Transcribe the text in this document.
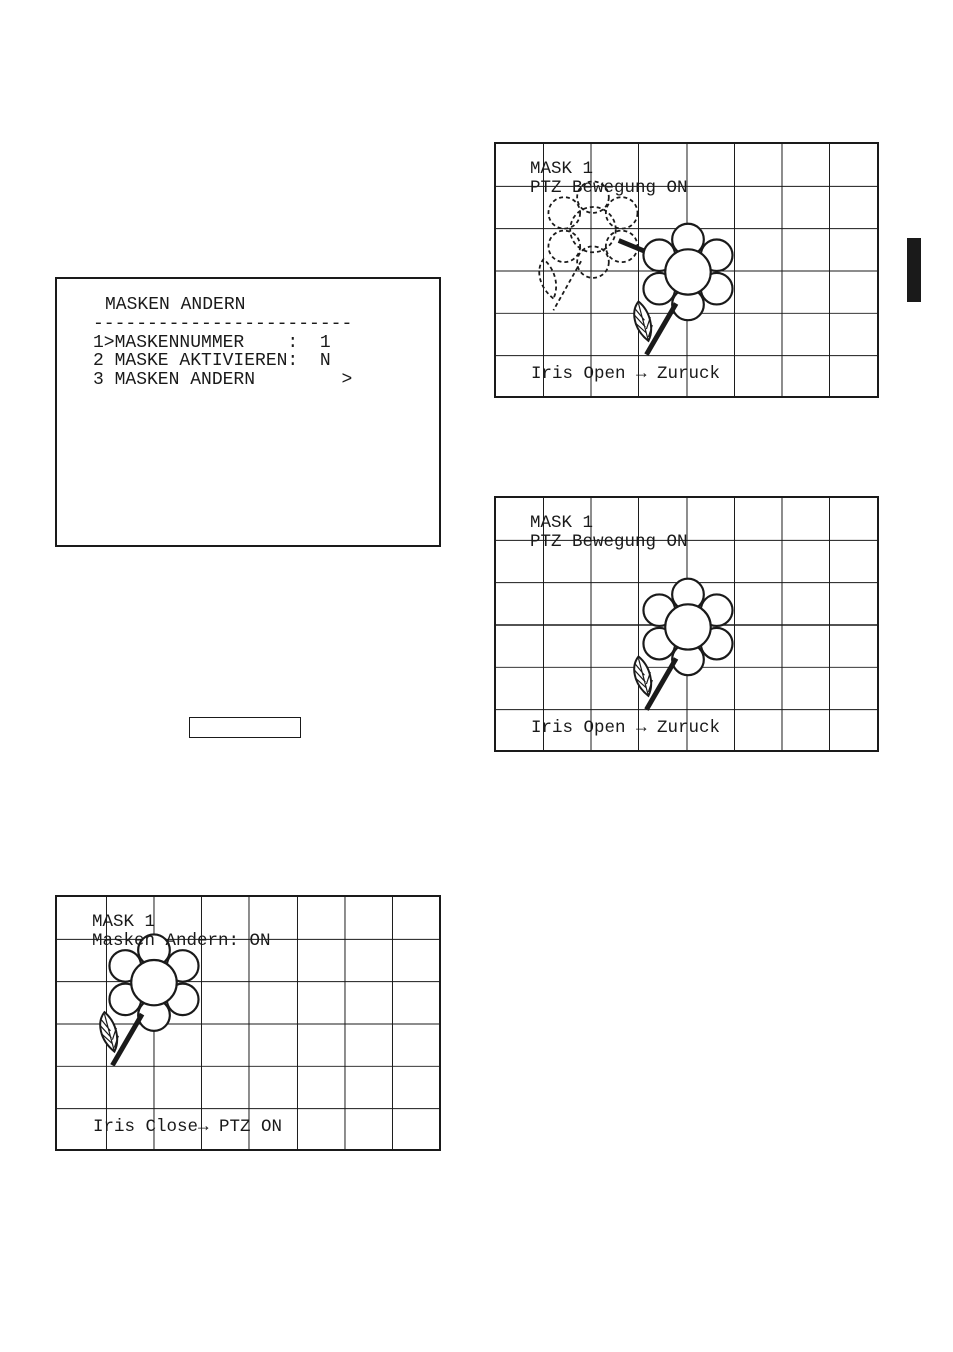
MASKEN ANDERN
------------------------
1>MASKENNUMMER    :  1
2 MASKE AKTIVIEREN:  N
3 MASKEN ANDERN        >
MASK 1
PTZ Bewegung ON
Iris Open → Zuruck
MASK 1
PTZ Bewegung ON
Iris Open → Zuruck
MASK 1
Masken Andern: ON
Iris Close→ PTZ ON
